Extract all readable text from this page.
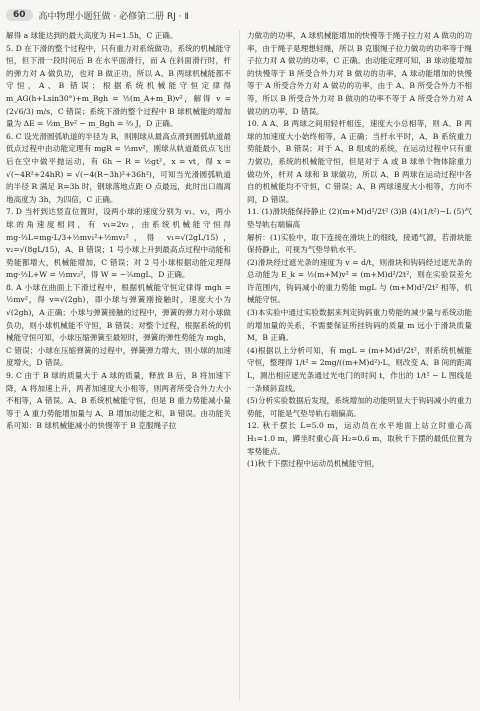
60	高中物理小题狂做 · 必修第二册 RJ · Ⅱ

解得 a 球能达到的最大高度为 H=1.5h，C 正确。

5. D 在下滑的整个过程中，只有重力对系统做功，系统的机械能守恒，但下滑一段时间后 B 在水平面滑行，而 A 在斜面滑行时，杆的弹力对 A 做负功，也对 B 做正功，所以 A、B 两球机械能都不守恒，A、B 错误；根据系统机械能守恒定律得 m_AG(h+Lsin30°)+m_Bgh = ½(m_A+m_B)v²，解得 v = (2√6/3) m/s，C 错误；系统下滑的整个过程中 B 球机械能的增加量为 ΔE = ½m_Bv² − m_Bgh = ⅔ J，D 正确。

6. C 设光滑圆弧轨道的半径为 R，则刚球从最高点滑到圆弧轨道最低点过程中由动能定理有 mgR = ½mv²，刚球从轨道最低点飞出后在空中做平抛运动，有 6h − R = ½gt²，x = vt，得 x = √(−4R²+24hR) = √(−4(R−3h)²+36h²)，可知当光滑圆弧轨道的半径 R 满足 R=3h 时，钢球落地点距 O 点最远，此时出口端离地高度为 3h，为四倍，C 正确。

7. D 当杆到达竖直位置时，设两小球的速度分别为 v₁、v₂，两小球的角速度相同，有 v₁=2v₂，由系统机械能守恒得 mg·⅔L=mg·L/3+½mv₁²+½mv₂²，得 v₁=√(2gL/15)，v₂=√(8gL/15)，A、B 错误；1 号小球上升到最高点过程中动能和势能都增大，机械能增加，C 错误；对 2 号小球根据动能定理得 mg·⅔L+W = ½mv₂²，得 W = −⅖mgL，D 正确。

8. A 小球在曲面上下滑过程中，根据机械能守恒定律得 mgh = ½mv²，得 v=√(2gh)，即小球与弹簧刚接触时，速度大小为 √(2gh)，A 正确；小球与弹簧接触的过程中，弹簧的弹力对小球做负功，则小球机械能不守恒，B 错误；对整个过程，根据系统的机械能守恒可知，小球压缩弹簧至最短时，弹簧的弹性势能为 mgh，C 错误；小球在压缩弹簧的过程中，弹簧弹力增大，则小球的加速度增大，D 错误。

9. C 由于 B 球的质量大于 A 球的质量，释放 B 后，B 将加速下降，A 将加速上升，两者加速度大小相等，则两者所受合外力大小不相等，A 错误。A、B 系统机械能守恒，但是 B 重力势能减小量等于 A 重力势能增加量与 A、B 增加动能之和，B 错误。由功能关系可知：B 球机械能减小的快慢等于 B 克服绳子拉

力做功的功率，A 球机械能增加的快慢等于绳子拉力对 A 做功的功率，由于绳子是理想轻绳，所以 B 克服绳子拉力做功的功率等于绳子拉力对 A 做功的功率，C 正确。由动能定理可知，B 球动能增加的快慢等于 B 所受合外力对 B 做功的功率，A 球动能增加的快慢等于 A 所受合外力对 A 做功的功率，由于 A、B 所受合外力不相等，所以 B 所受合外力对 B 做功的功率不等于 A 所受合外力对 A 做功的功率，D 错误。

10. A A、B 两球之间用轻杆相连，速度大小总相等，则 A、B 两球的加速度大小始终相等，A 正确；当杆水平时，A、B 系统重力势能最小，B 错误；对于 A、B 组成的系统，在运动过程中只有重力做功，系统的机械能守恒，但是对于 A 或 B 球单个物体除重力做功外，杆对 A 球和 B 球做功，所以 A、B 两球在运动过程中各自的机械能均不守恒，C 错误；A、B 两球速度大小相等，方向不同，D 错误。

11. (1)滑块能保持静止 (2)(m+M)d²/2t² (3)B (4)(1/t²)−L (5)气垫导轨右端偏高

解析：(1)实验中，取下连接在滑块上的细线，接通气源，若滑块能保持静止，可视为气垫导轨水平。

(2)滑块经过遮光条的速度为 v = d/t，则滑块和钩码经过遮光条的总动能为 E_k = ½(m+M)v² = (m+M)d²/2t²，则在实验误差允许范围内，钩码减小的重力势能 mgL 与 (m+M)d²/2t² 相等，机械能守恒。

(3)本实验中通过实验数据来判定钩码重力势能的减少量与系统动能的增加量的关系，不需要保证所挂钩码的质量 m 远小于滑块质量 M，B 正确。

(4)根据以上分析可知，有 mgL = (m+M)d²/2t²，则系统机械能守恒，整理得 1/t² = 2mg/((m+M)d²)·L，则改变 A、B 间的距离 L，测出相应遮光条通过光电门的时间 t，作出的 1/t² − L 图线是一条倾斜直线。

(5)分析实验数据后发现，系统增加的动能明显大于钩码减小的重力势能，可能是气垫导轨右端偏高。

12. 秋千摆长 L=5.0 m，运动员在水平地面上站立时重心高 H₁=1.0 m，蹲坐时重心高 H₂=0.6 m，取秋千下摆的最低位置为零势能点。

(1)秋千下摆过程中运动员机械能守恒，
